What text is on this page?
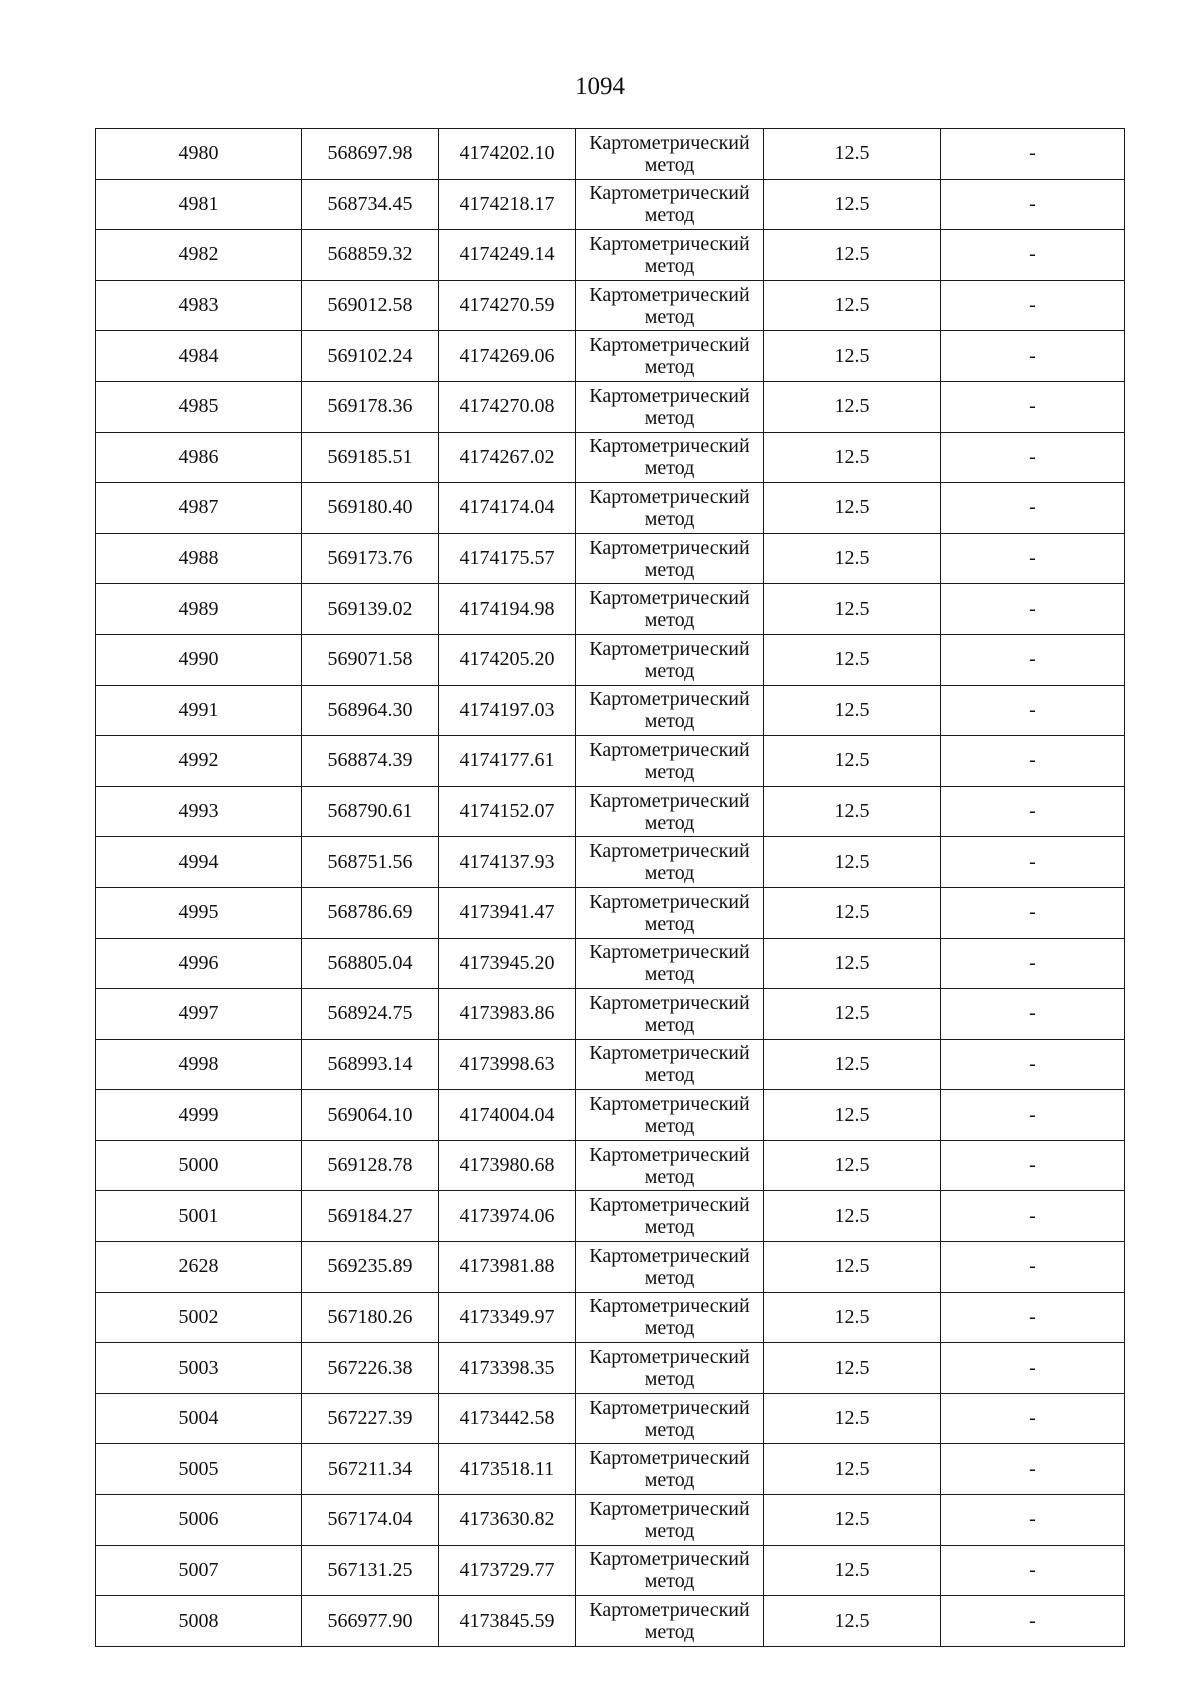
1094
4980	568697.98	4174202.10	Картометрический метод	12.5	-
4981	568734.45	4174218.17	Картометрический метод	12.5	-
4982	568859.32	4174249.14	Картометрический метод	12.5	-
4983	569012.58	4174270.59	Картометрический метод	12.5	-
4984	569102.24	4174269.06	Картометрический метод	12.5	-
4985	569178.36	4174270.08	Картометрический метод	12.5	-
4986	569185.51	4174267.02	Картометрический метод	12.5	-
4987	569180.40	4174174.04	Картометрический метод	12.5	-
4988	569173.76	4174175.57	Картометрический метод	12.5	-
4989	569139.02	4174194.98	Картометрический метод	12.5	-
4990	569071.58	4174205.20	Картометрический метод	12.5	-
4991	568964.30	4174197.03	Картометрический метод	12.5	-
4992	568874.39	4174177.61	Картометрический метод	12.5	-
4993	568790.61	4174152.07	Картометрический метод	12.5	-
4994	568751.56	4174137.93	Картометрический метод	12.5	-
4995	568786.69	4173941.47	Картометрический метод	12.5	-
4996	568805.04	4173945.20	Картометрический метод	12.5	-
4997	568924.75	4173983.86	Картометрический метод	12.5	-
4998	568993.14	4173998.63	Картометрический метод	12.5	-
4999	569064.10	4174004.04	Картометрический метод	12.5	-
5000	569128.78	4173980.68	Картометрический метод	12.5	-
5001	569184.27	4173974.06	Картометрический метод	12.5	-
2628	569235.89	4173981.88	Картометрический метод	12.5	-
5002	567180.26	4173349.97	Картометрический метод	12.5	-
5003	567226.38	4173398.35	Картометрический метод	12.5	-
5004	567227.39	4173442.58	Картометрический метод	12.5	-
5005	567211.34	4173518.11	Картометрический метод	12.5	-
5006	567174.04	4173630.82	Картометрический метод	12.5	-
5007	567131.25	4173729.77	Картометрический метод	12.5	-
5008	566977.90	4173845.59	Картометрический метод	12.5	-
